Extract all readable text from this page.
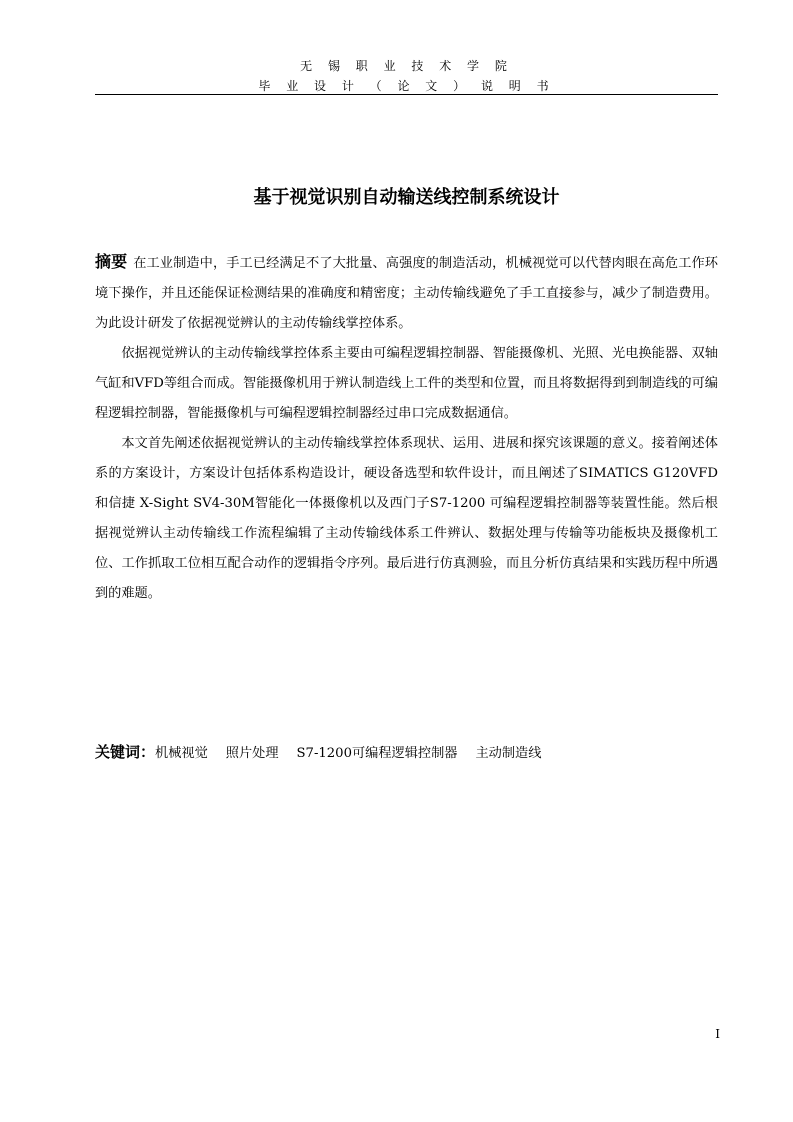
无 锡 职 业 技 术 学 院
毕 业 设 计 （ 论 文 ） 说 明 书
基于视觉识别自动输送线控制系统设计

摘要 在工业制造中，手工已经满足不了大批量、高强度的制造活动，机械视觉可以代替肉眼在高危工作环境下操作，并且还能保证检测结果的准确度和精密度；主动传输线避免了手工直接参与，减少了制造费用。为此设计研发了依据视觉辨认的主动传输线掌控体系。

依据视觉辨认的主动传输线掌控体系主要由可编程逻辑控制器、智能摄像机、光照、光电换能器、双轴气缸和VFD等组合而成。智能摄像机用于辨认制造线上工件的类型和位置，而且将数据得到到制造线的可编程逻辑控制器，智能摄像机与可编程逻辑控制器经过串口完成数据通信。

本文首先阐述依据视觉辨认的主动传输线掌控体系现状、运用、进展和探究该课题的意义。接着阐述体系的方案设计，方案设计包括体系构造设计，硬设备选型和软件设计，而且阐述了SIMATICS G120VFD和信捷 X-Sight SV4-30M智能化一体摄像机以及西门子S7-1200 可编程逻辑控制器等装置性能。然后根据视觉辨认主动传输线工作流程编辑了主动传输线体系工件辨认、数据处理与传输等功能板块及摄像机工位、工作抓取工位相互配合动作的逻辑指令序列。最后进行仿真测验，而且分析仿真结果和实践历程中所遇到的难题。

关键词：机械视觉 照片处理 S7-1200可编程逻辑控制器 主动制造线
I
